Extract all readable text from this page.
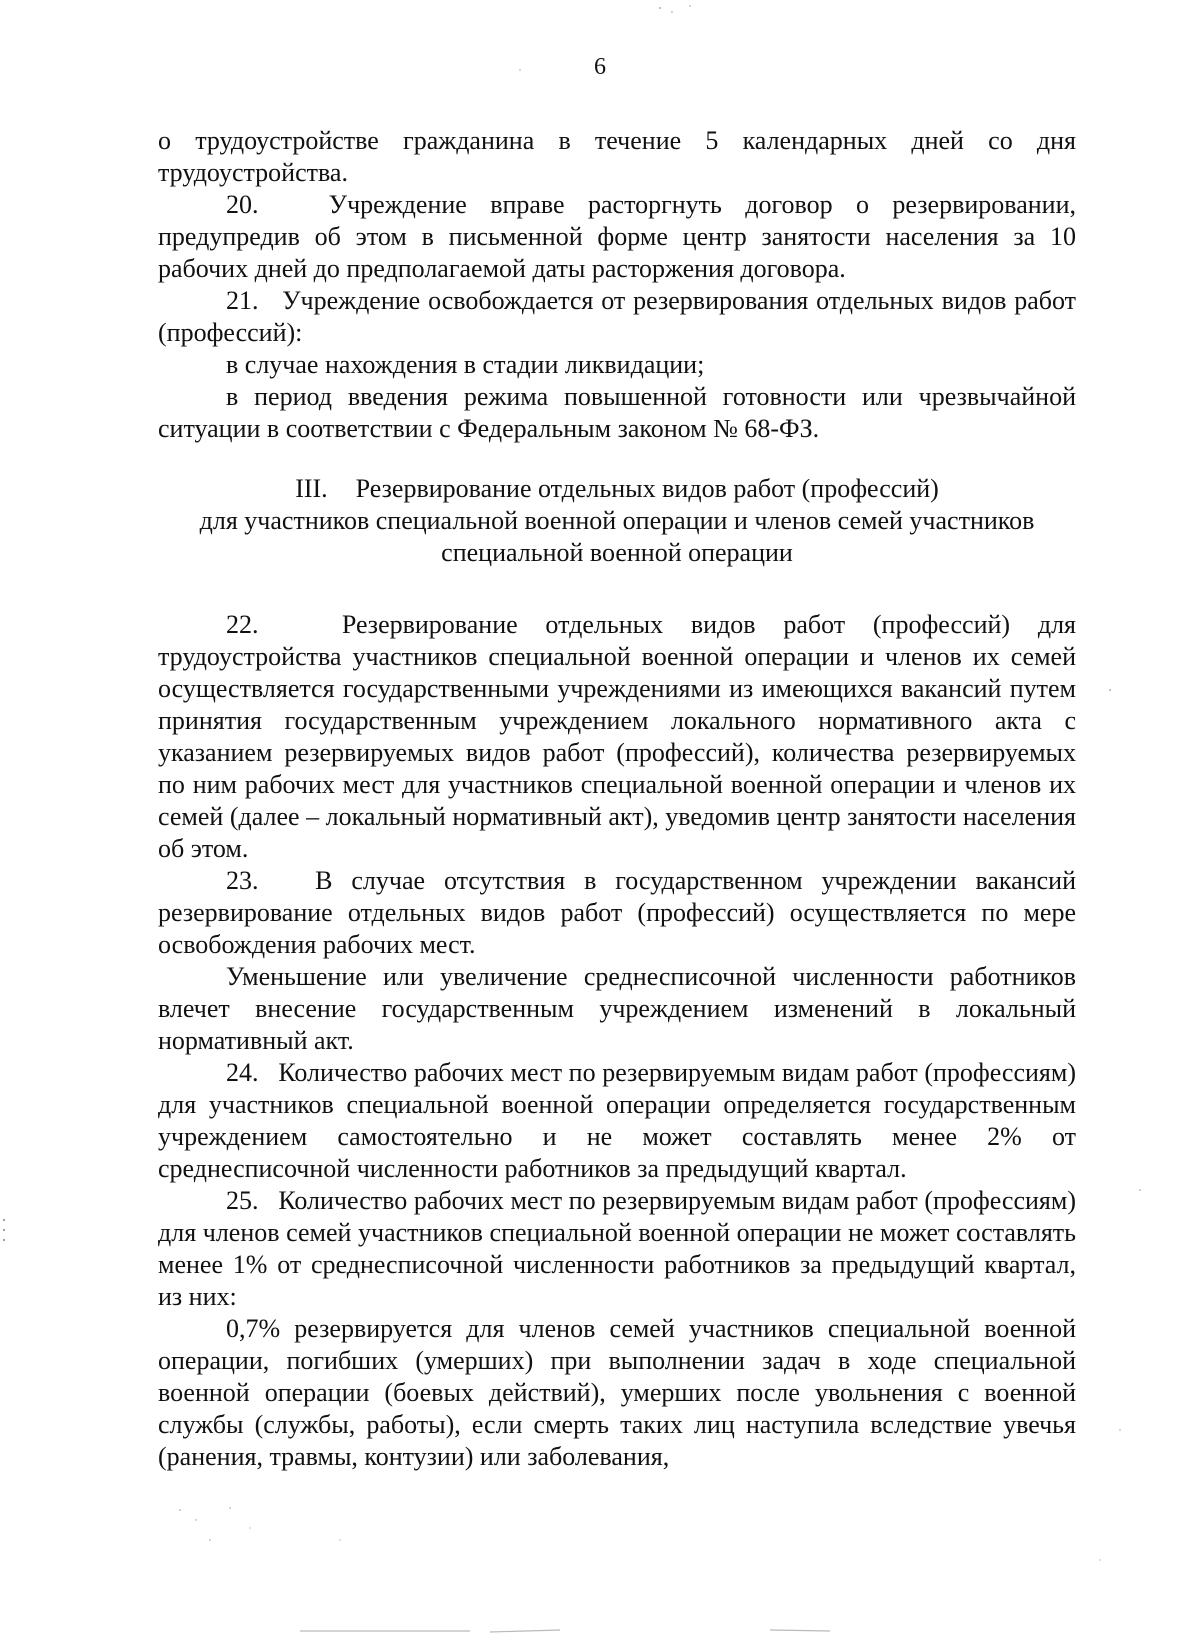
6

о трудоустройстве гражданина в течение 5 календарных дней со дня трудоустройства.

20.   Учреждение вправе расторгнуть договор о резервировании, предупредив об этом в письменной форме центр занятости населения за 10 рабочих дней до предполагаемой даты расторжения договора.

21.   Учреждение освобождается от резервирования отдельных видов работ (профессий):

в случае нахождения в стадии ликвидации;

в период введения режима повышенной готовности или чрезвычайной ситуации в соответствии с Федеральным законом № 68-ФЗ.

III. Резервирование отдельных видов работ (профессий)
для участников специальной военной операции и членов семей участников
специальной военной операции

22.   Резервирование отдельных видов работ (профессий) для трудоустройства участников специальной военной операции и членов их семей осуществляется государственными учреждениями из имеющихся вакансий путем принятия государственным учреждением локального нормативного акта с указанием резервируемых видов работ (профессий), количества резервируемых по ним рабочих мест для участников специальной военной операции и членов их семей (далее – локальный нормативный акт), уведомив центр занятости населения об этом.

23.   В случае отсутствия в государственном учреждении вакансий резервирование отдельных видов работ (профессий) осуществляется по мере освобождения рабочих мест.

Уменьшение или увеличение среднесписочной численности работников влечет внесение государственным учреждением изменений в локальный нормативный акт.

24.   Количество рабочих мест по резервируемым видам работ (профессиям) для участников специальной военной операции определяется государственным учреждением самостоятельно и не может составлять менее 2% от среднесписочной численности работников за предыдущий квартал.

25.   Количество рабочих мест по резервируемым видам работ (профессиям) для членов семей участников специальной военной операции не может составлять менее 1% от среднесписочной численности работников за предыдущий квартал, из них:

0,7% резервируется для членов семей участников специальной военной операции, погибших (умерших) при выполнении задач в ходе специальной военной операции (боевых действий), умерших после увольнения с военной службы (службы, работы), если смерть таких лиц наступила вследствие увечья (ранения, травмы, контузии) или заболевания,
